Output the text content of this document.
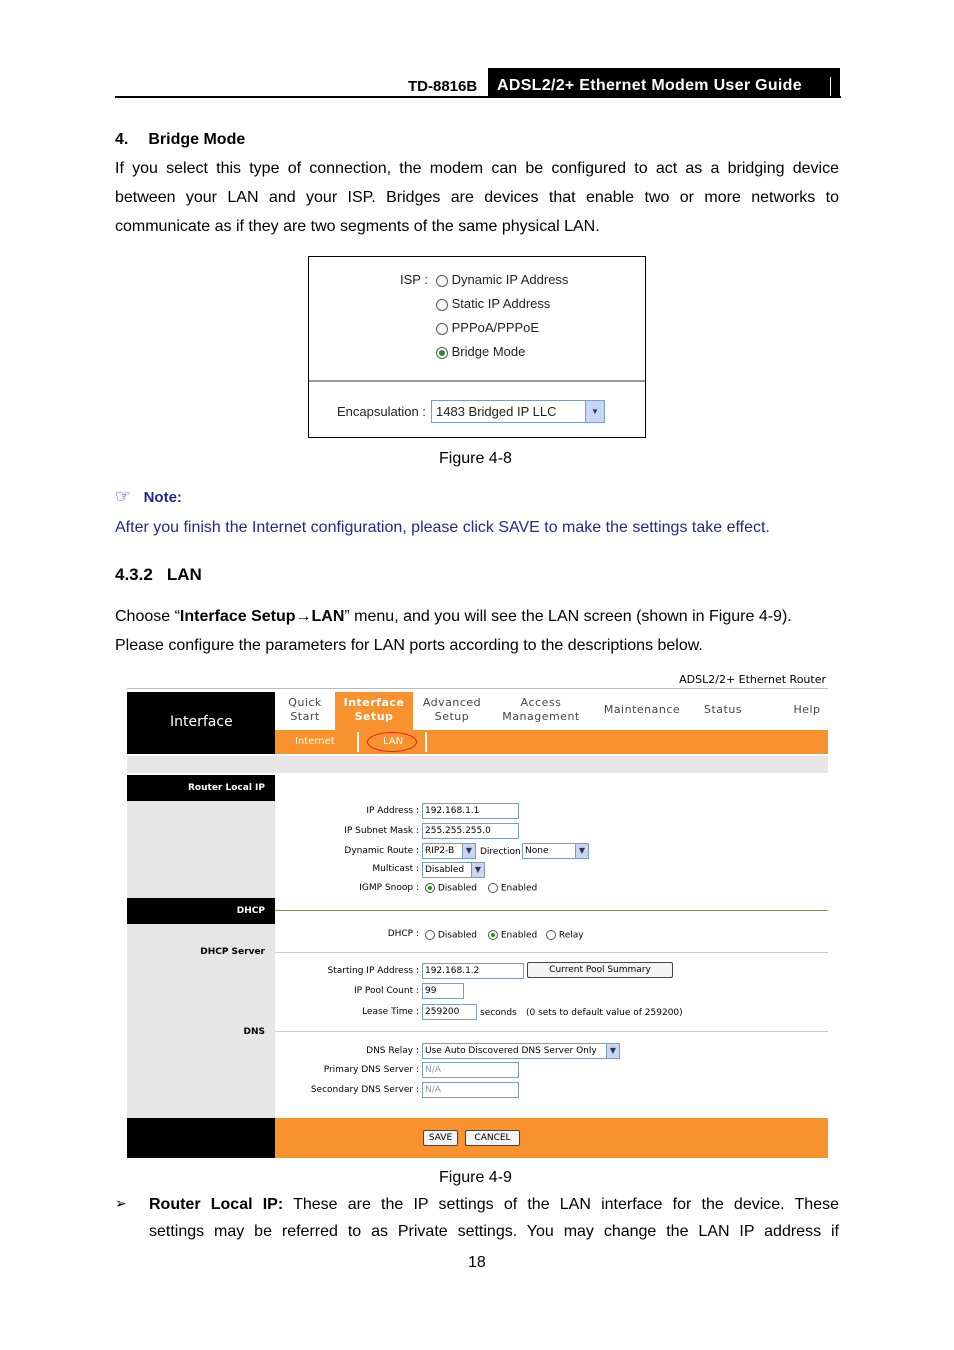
TD-8816B	ADSL2/2+ Ethernet Modem User Guide
4. Bridge Mode
If you select this type of connection, the modem can be configured to act as a bridging device
between your LAN and your ISP. Bridges are devices that enable two or more networks to
communicate as if they are two segments of the same physical LAN.
ISP :	Dynamic IP Address
Static IP Address
PPPoA/PPPoE
Bridge Mode
Encapsulation : 1483 Bridged IP LLC	▼
Figure 4-8
☞ Note:
After you finish the Internet configuration, please click SAVE to make the settings take effect.
4.3.2 LAN
Choose “Interface Setup→LAN” menu, and you will see the LAN screen (shown in Figure 4-9).
Please configure the parameters for LAN ports according to the descriptions below.
ADSL2/2+ Ethernet Router
Interface
Quick
Start
Interface
Setup
Advanced
Setup
Access
Management
Maintenance	Status	Help
Internet	LAN
Router Local IP
IP Address : 192.168.1.1
IP Subnet Mask : 255.255.255.0
Dynamic Route : RIP2-B	▼ Direction None	▼
Multicast : Disabled	▼
IGMP Snoop :	Disabled	Enabled
DHCP
DHCP :	Disabled	Enabled	Relay
DHCP Server
Starting IP Address : 192.168.1.2	Current Pool Summary
IP Pool Count : 99
Lease Time : 259200	seconds (0 sets to default value of 259200)
DNS
DNS Relay : Use Auto Discovered DNS Server Only	▼
Primary DNS Server : N/A
Secondary DNS Server : N/A
SAVE	CANCEL
Figure 4-9
➢ Router Local IP: These are the IP settings of the LAN interface for the device. These
settings may be referred to as Private settings. You may change the LAN IP address if
18
